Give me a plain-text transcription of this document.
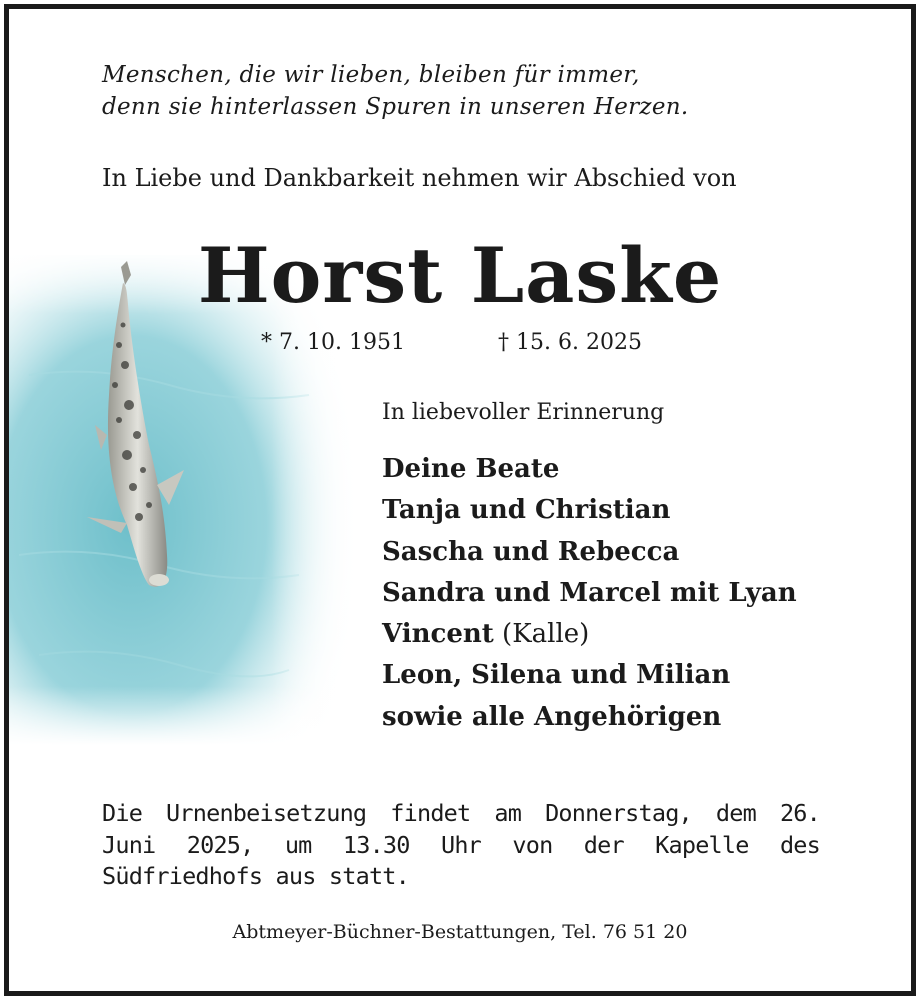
Menschen, die wir lieben, bleiben für immer,
denn sie hinterlassen Spuren in unseren Herzen.
In Liebe und Dankbarkeit nehmen wir Abschied von
Horst Laske
* 7. 10. 1951	† 15. 6. 2025
In liebevoller Erinnerung
Deine Beate
Tanja und Christian
Sascha und Rebecca
Sandra und Marcel mit Lyan
Vincent (Kalle)
Leon, Silena und Milian
sowie alle Angehörigen
Die Urnenbeisetzung findet am Donnerstag, dem 26. Juni 2025, um 13.30 Uhr von der Kapelle des Südfriedhofs aus statt.
Abtmeyer-Büchner-Bestattungen, Tel. 76 51 20
